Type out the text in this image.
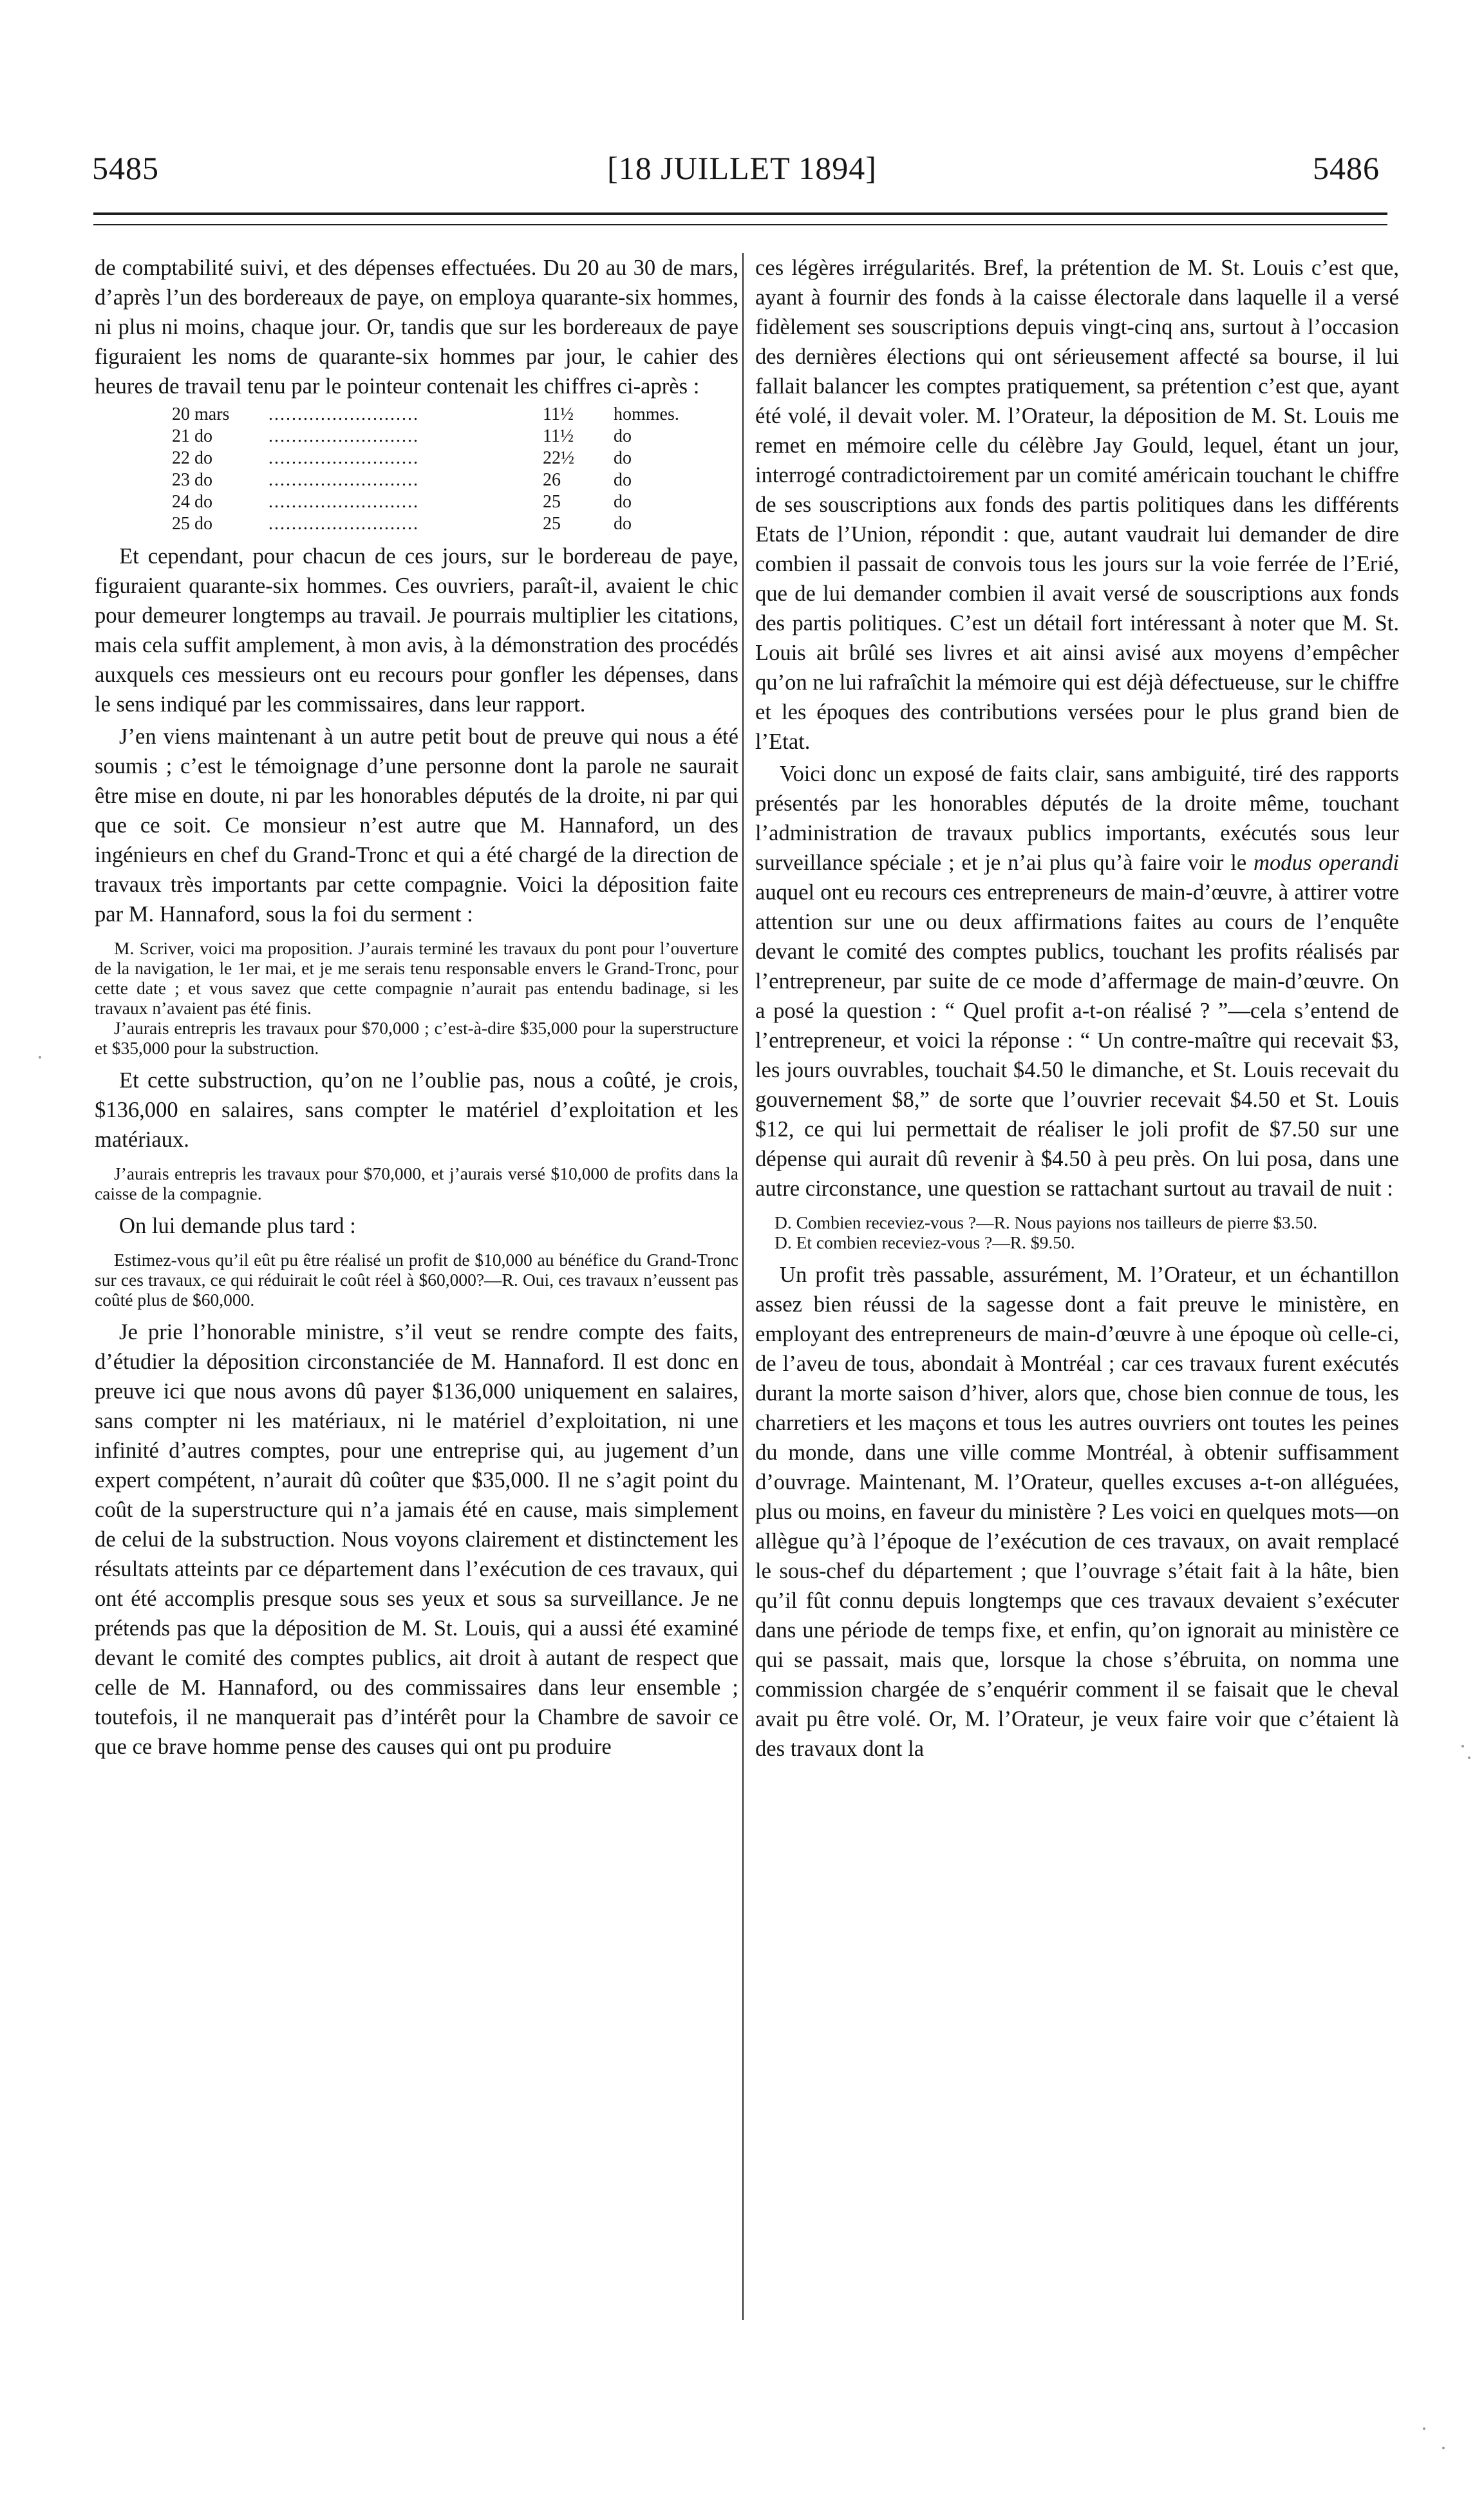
5485	[18 JUILLET 1894]	5486

de comptabilité suivi, et des dépenses effectuées. Du 20 au 30 de mars, d’après l’un des bordereaux de paye, on employa quarante-six hommes, ni plus ni moins, chaque jour. Or, tandis que sur les bordereaux de paye figuraient les noms de quarante-six hommes par jour, le cahier des heures de travail tenu par le pointeur contenait les chiffres ci-après :

20 mars	..........................	11½	hommes.
21 do	..........................	11½	do
22 do	..........................	22½	do
23 do	..........................	26	do
24 do	..........................	25	do
25 do	..........................	25	do

Et cependant, pour chacun de ces jours, sur le bordereau de paye, figuraient quarante-six hommes. Ces ouvriers, paraît-il, avaient le chic pour demeurer longtemps au travail. Je pourrais multiplier les citations, mais cela suffit amplement, à mon avis, à la démonstration des procédés auxquels ces messieurs ont eu recours pour gonfler les dépenses, dans le sens indiqué par les commissaires, dans leur rapport.

J’en viens maintenant à un autre petit bout de preuve qui nous a été soumis ; c’est le témoignage d’une personne dont la parole ne saurait être mise en doute, ni par les honorables députés de la droite, ni par qui que ce soit. Ce monsieur n’est autre que M. Hannaford, un des ingénieurs en chef du Grand-Tronc et qui a été chargé de la direction de travaux très importants par cette compagnie. Voici la déposition faite par M. Hannaford, sous la foi du serment :

M. Scriver, voici ma proposition. J’aurais terminé les travaux du pont pour l’ouverture de la navigation, le 1er mai, et je me serais tenu responsable envers le Grand-Tronc, pour cette date ; et vous savez que cette compagnie n’aurait pas entendu badinage, si les travaux n’avaient pas été finis.

J’aurais entrepris les travaux pour $70,000 ; c’est-à-dire $35,000 pour la superstructure et $35,000 pour la substruction.

Et cette substruction, qu’on ne l’oublie pas, nous a coûté, je crois, $136,000 en salaires, sans compter le matériel d’exploitation et les matériaux.

J’aurais entrepris les travaux pour $70,000, et j’aurais versé $10,000 de profits dans la caisse de la compagnie.

On lui demande plus tard :

Estimez-vous qu’il eût pu être réalisé un profit de $10,000 au bénéfice du Grand-Tronc sur ces travaux, ce qui réduirait le coût réel à $60,000?—R. Oui, ces travaux n’eussent pas coûté plus de $60,000.

Je prie l’honorable ministre, s’il veut se rendre compte des faits, d’étudier la déposition circonstanciée de M. Hannaford. Il est donc en preuve ici que nous avons dû payer $136,000 uniquement en salaires, sans compter ni les matériaux, ni le matériel d’exploitation, ni une infinité d’autres comptes, pour une entreprise qui, au jugement d’un expert compétent, n’aurait dû coûter que $35,000. Il ne s’agit point du coût de la superstructure qui n’a jamais été en cause, mais simplement de celui de la substruction. Nous voyons clairement et distinctement les résultats atteints par ce département dans l’exécution de ces travaux, qui ont été accomplis presque sous ses yeux et sous sa surveillance. Je ne prétends pas que la déposition de M. St. Louis, qui a aussi été examiné devant le comité des comptes publics, ait droit à autant de respect que celle de M. Hannaford, ou des commissaires dans leur ensemble ; toutefois, il ne manquerait pas d’intérêt pour la Chambre de savoir ce que ce brave homme pense des causes qui ont pu produire

ces légères irrégularités. Bref, la prétention de M. St. Louis c’est que, ayant à fournir des fonds à la caisse électorale dans laquelle il a versé fidèlement ses souscriptions depuis vingt-cinq ans, surtout à l’occasion des dernières élections qui ont sérieusement affecté sa bourse, il lui fallait balancer les comptes pratiquement, sa prétention c’est que, ayant été volé, il devait voler. M. l’Orateur, la déposition de M. St. Louis me remet en mémoire celle du célèbre Jay Gould, lequel, étant un jour, interrogé contradictoirement par un comité américain touchant le chiffre de ses souscriptions aux fonds des partis politiques dans les différents Etats de l’Union, répondit : que, autant vaudrait lui demander de dire combien il passait de convois tous les jours sur la voie ferrée de l’Erié, que de lui demander combien il avait versé de souscriptions aux fonds des partis politiques. C’est un détail fort intéressant à noter que M. St. Louis ait brûlé ses livres et ait ainsi avisé aux moyens d’empêcher qu’on ne lui rafraîchit la mémoire qui est déjà défectueuse, sur le chiffre et les époques des contributions versées pour le plus grand bien de l’Etat.

Voici donc un exposé de faits clair, sans ambiguité, tiré des rapports présentés par les honorables députés de la droite même, touchant l’administration de travaux publics importants, exécutés sous leur surveillance spéciale ; et je n’ai plus qu’à faire voir le modus operandi auquel ont eu recours ces entrepreneurs de main-d’œuvre, à attirer votre attention sur une ou deux affirmations faites au cours de l’enquête devant le comité des comptes publics, touchant les profits réalisés par l’entrepreneur, par suite de ce mode d’affermage de main-d’œuvre. On a posé la question : “ Quel profit a-t-on réalisé ? ”—cela s’entend de l’entrepreneur, et voici la réponse : “ Un contre-maître qui recevait $3, les jours ouvrables, touchait $4.50 le dimanche, et St. Louis recevait du gouvernement $8,” de sorte que l’ouvrier recevait $4.50 et St. Louis $12, ce qui lui permettait de réaliser le joli profit de $7.50 sur une dépense qui aurait dû revenir à $4.50 à peu près. On lui posa, dans une autre circonstance, une question se rattachant surtout au travail de nuit :

D. Combien receviez-vous ?—R. Nous payions nos tailleurs de pierre $3.50.

D. Et combien receviez-vous ?—R. $9.50.

Un profit très passable, assurément, M. l’Orateur, et un échantillon assez bien réussi de la sagesse dont a fait preuve le ministère, en employant des entrepreneurs de main-d’œuvre à une époque où celle-ci, de l’aveu de tous, abondait à Montréal ; car ces travaux furent exécutés durant la morte saison d’hiver, alors que, chose bien connue de tous, les charretiers et les maçons et tous les autres ouvriers ont toutes les peines du monde, dans une ville comme Montréal, à obtenir suffisamment d’ouvrage. Maintenant, M. l’Orateur, quelles excuses a-t-on alléguées, plus ou moins, en faveur du ministère ? Les voici en quelques mots—on allègue qu’à l’époque de l’exécution de ces travaux, on avait remplacé le sous-chef du département ; que l’ouvrage s’était fait à la hâte, bien qu’il fût connu depuis longtemps que ces travaux devaient s’exécuter dans une période de temps fixe, et enfin, qu’on ignorait au ministère ce qui se passait, mais que, lorsque la chose s’ébruita, on nomma une commission chargée de s’enquérir comment il se faisait que le cheval avait pu être volé. Or, M. l’Orateur, je veux faire voir que c’étaient là des travaux dont la
